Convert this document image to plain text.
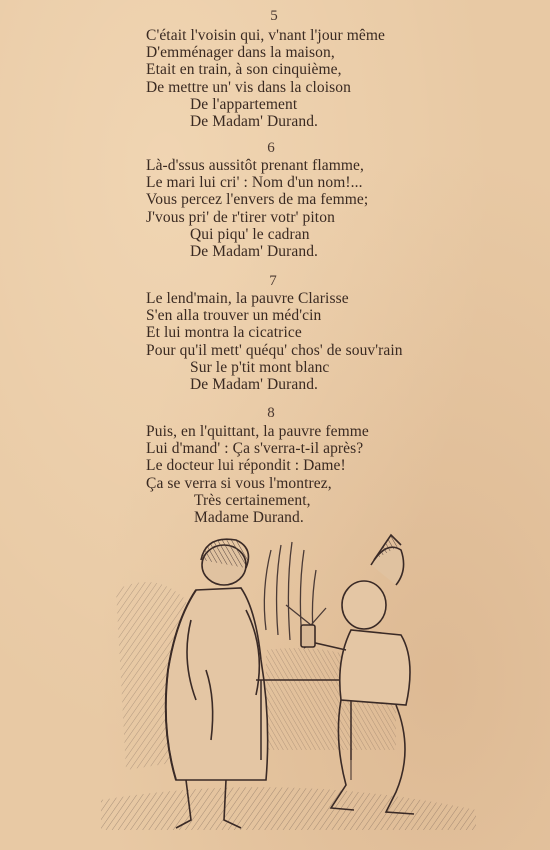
5
C'était l'voisin qui, v'nant l'jour même
D'emménager dans la maison,
Etait en train, à son cinquième,
De mettre un' vis dans la cloison
De l'appartement
De Madam' Durand.
6
Là-d'ssus aussitôt prenant flamme,
Le mari lui cri' : Nom d'un nom!...
Vous percez l'envers de ma femme;
J'vous pri' de r'tirer votr' piton
Qui piqu' le cadran
De Madam' Durand.
7
Le lend'main, la pauvre Clarisse
S'en alla trouver un méd'cin
Et lui montra la cicatrice
Pour qu'il mett' quéqu' chos' de souv'rain
Sur le p'tit mont blanc
De Madam' Durand.
8
Puis, en l'quittant, la pauvre femme
Lui d'mand' : Ça s'verra-t-il après?
Le docteur lui répondit : Dame!
Ça se verra si vous l'montrez,
Très certainement,
Madame Durand.
